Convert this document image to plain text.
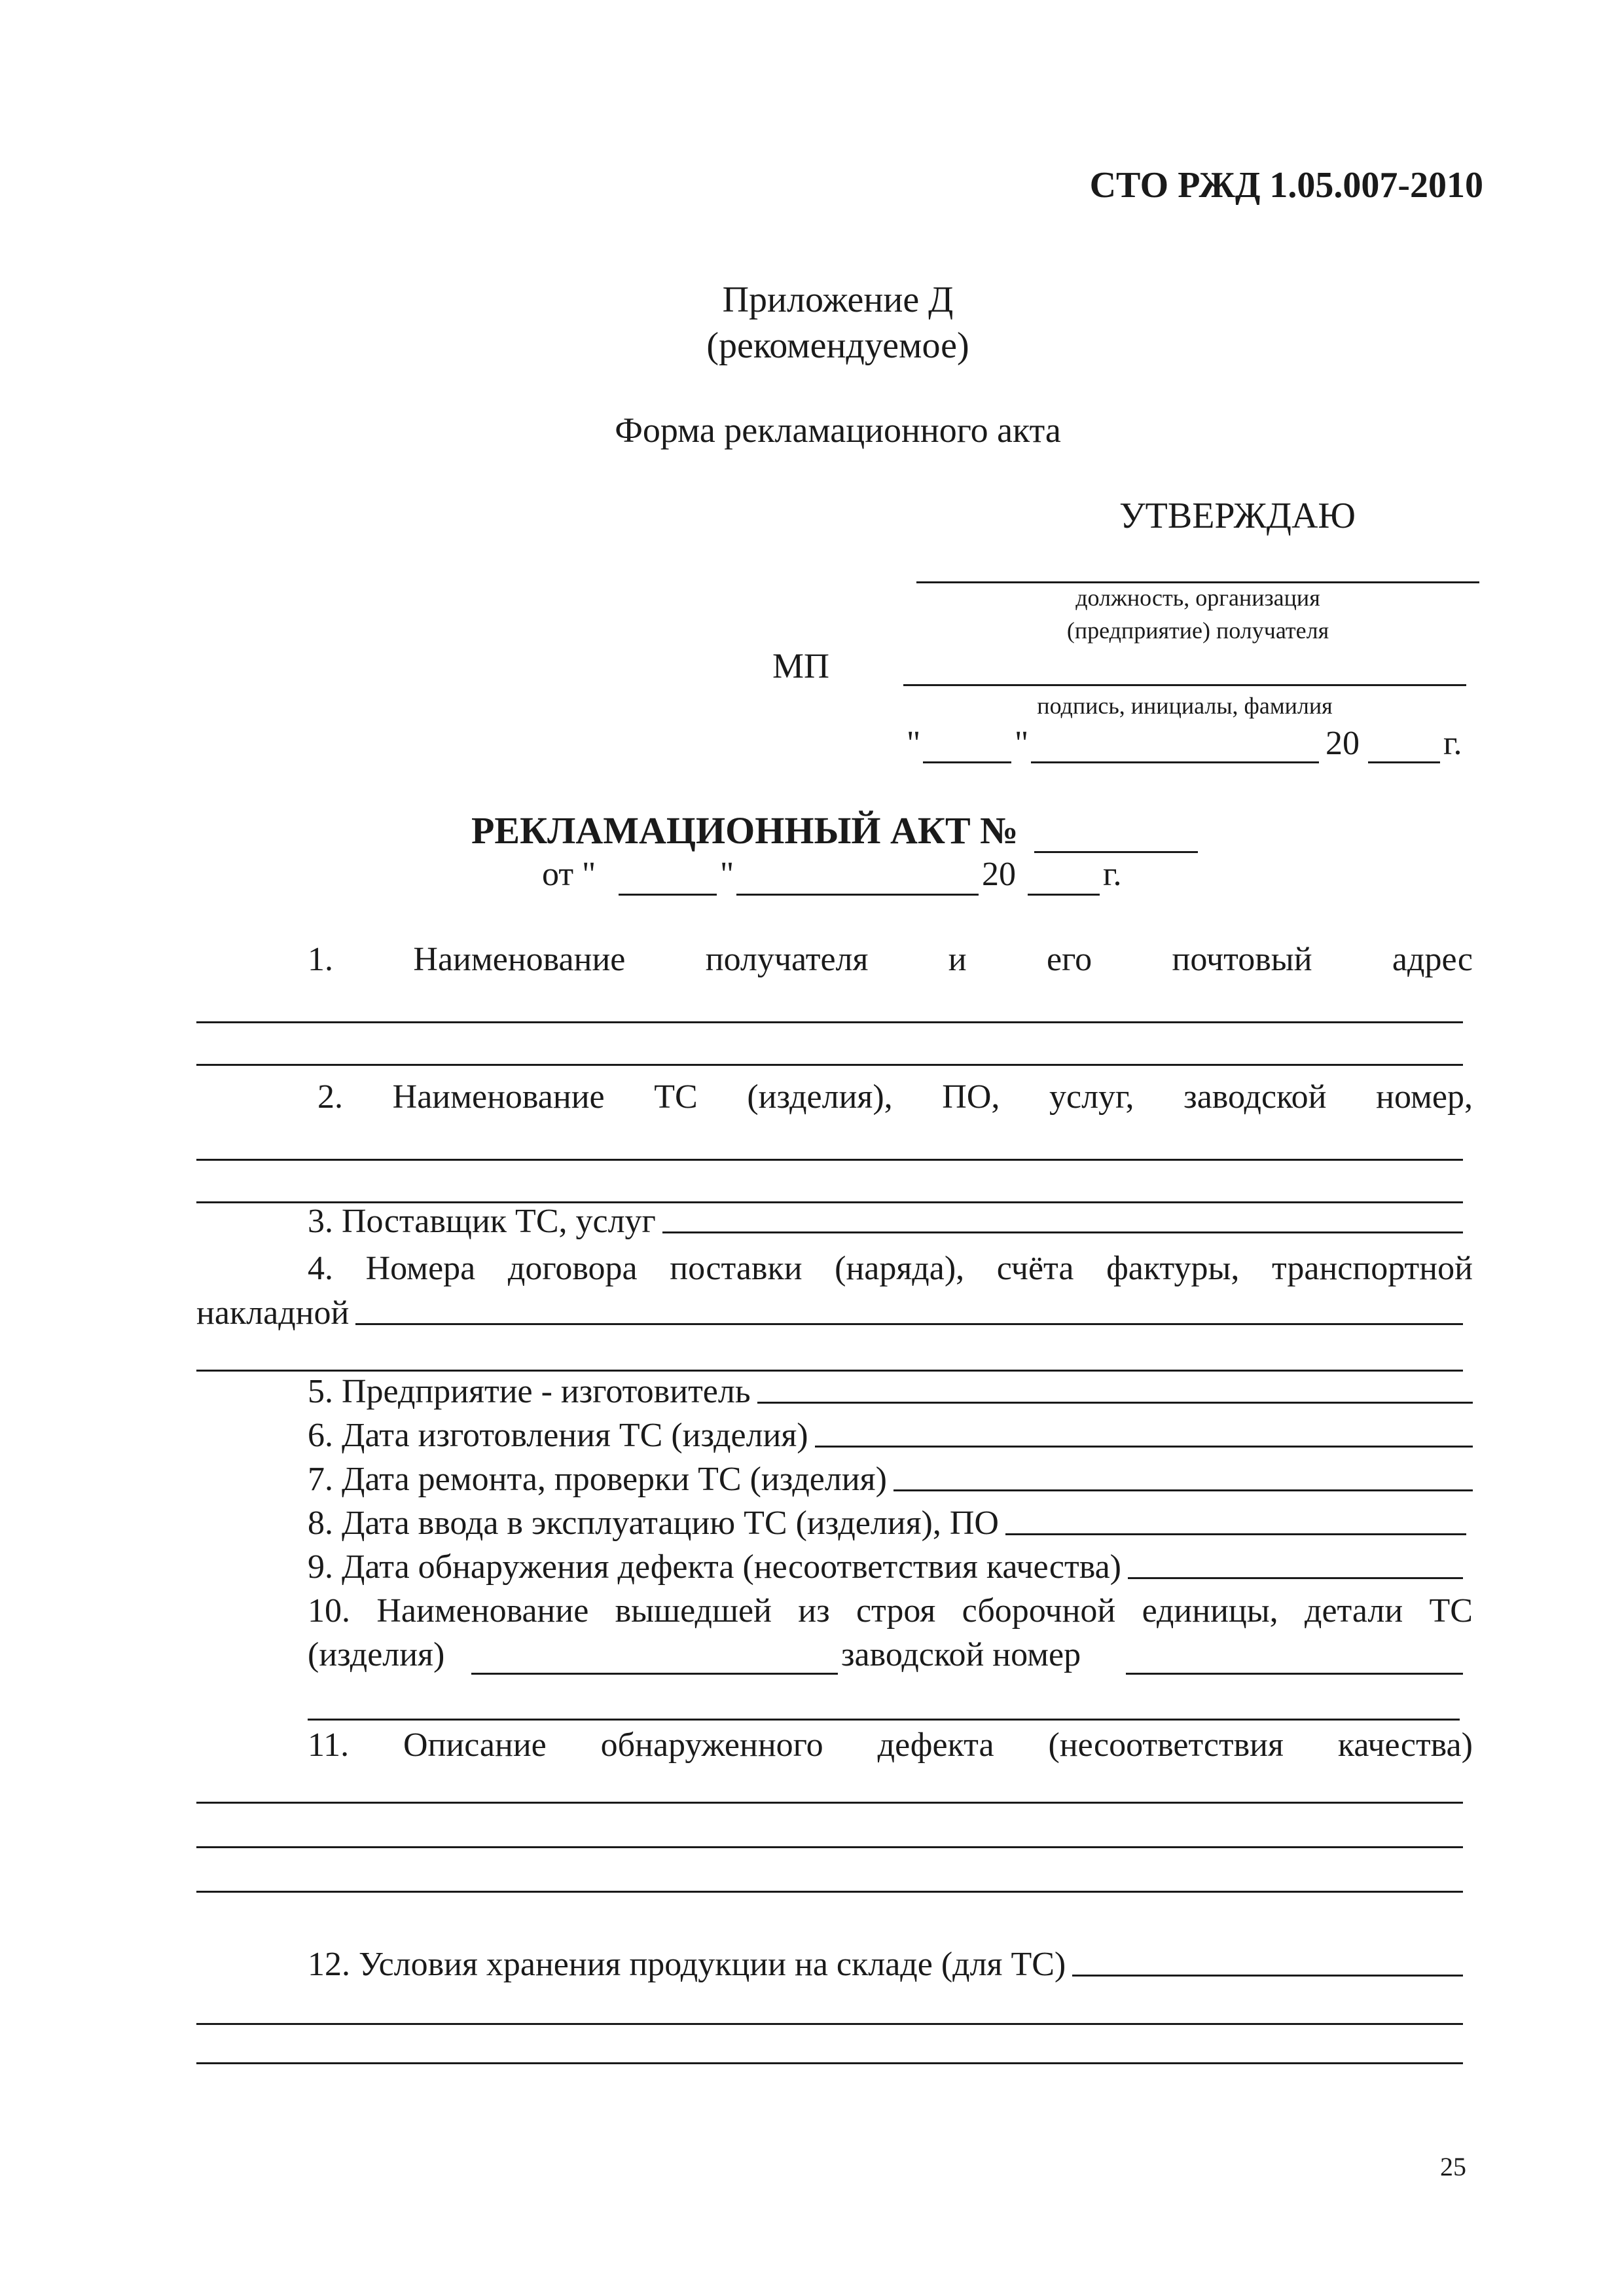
СТО РЖД 1.05.007-2010
Приложение Д
(рекомендуемое)
Форма рекламационного акта
УТВЕРЖДАЮ
должность, организация
(предприятие) получателя
МП
подпись, инициалы, фамилия
"	"	20 г.
РЕКЛАМАЦИОННЫЙ АКТ №
от "	"	20	г.
1. Наименование получателя и его почтовый адрес
2. Наименование ТС (изделия), ПО, услуг, заводской номер,
3. Поставщик ТС, услуг
4. Номера договора поставки (наряда), счёта фактуры, транспортной
накладной
5. Предприятие - изготовитель
6. Дата изготовления ТС (изделия)
7. Дата ремонта, проверки ТС (изделия)
8. Дата ввода в эксплуатацию ТС (изделия), ПО
9. Дата обнаружения дефекта (несоответствия качества)
10. Наименование вышедшей из строя сборочной единицы, детали ТС
(изделия)	заводской номер
11. Описание обнаруженного дефекта (несоответствия качества)
12. Условия хранения продукции на складе (для ТС)
25
